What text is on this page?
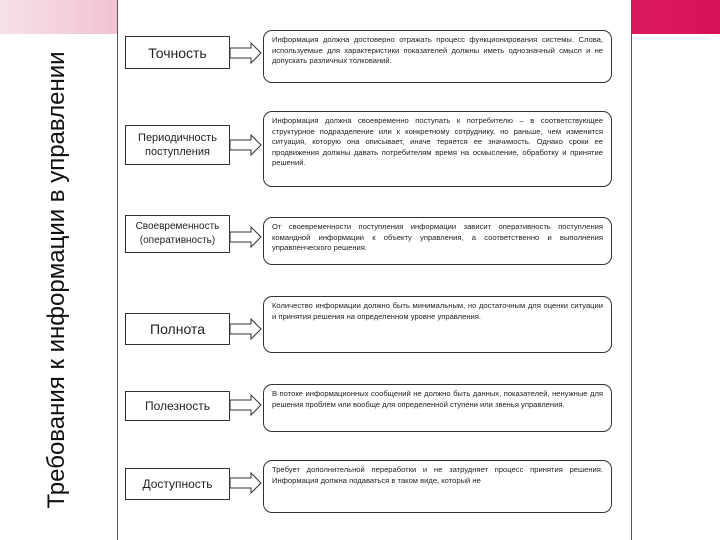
Требования к информации в управлении	Точность
Периодичность поступления
Своевременность (оперативность)
Полнота
Полезность
Доступность
Информация должна достоверно отражать процесс функционирования системы. Слова, используемые для характеристики показателей должны иметь однозначный смысл и не допускать различных толкований.
Информация должна своевременно поступать к потребителю – в соответствующее структурное подразделение или к конкретному сотруднику, но раньше, чем изменится ситуация, которую она описывает, иначе теряется ее значимость. Однако сроки ее продвижения должны давать потребителям время на осмысление, обработку и принятие решений.
От своевременности поступления информации зависит оперативность поступления командной информации к объекту управления, а соответственно и выполнения управленческого решения.
Количество информации должно быть минимальным, но достаточным для оценки ситуации и принятия решения на определенном уровне управления.
В потоке информационных сообщений не должно быть данных, показателей, ненужные для решения проблем или вообще для определенной ступени или звенья управления.
Требует дополнительной переработки и не затрудняет процесс принятия решения. Информация должна подаваться в таком виде, который не
